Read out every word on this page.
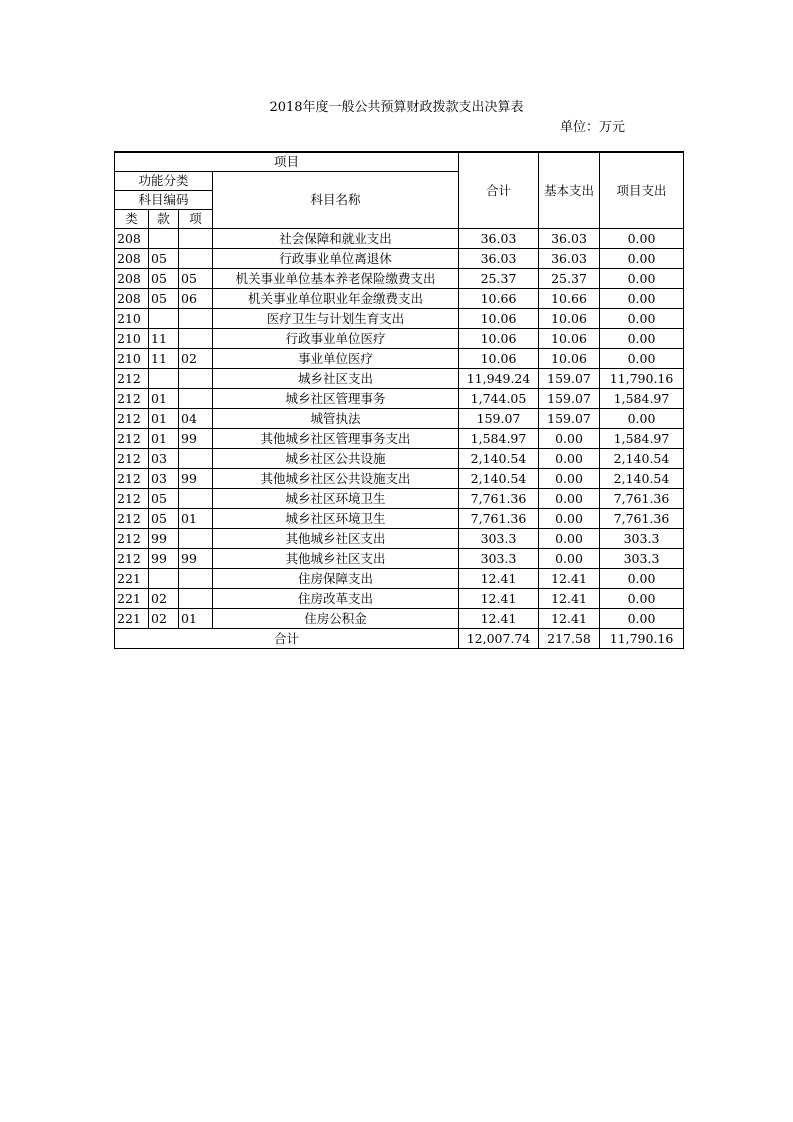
2018年度一般公共预算财政拨款支出决算表
单位：万元
项目				合计	基本支出	项目支出
功能分类			科目名称			
科目编码						
类	款	项				
208			社会保障和就业支出	36.03	36.03	0.00
208	05		行政事业单位离退休	36.03	36.03	0.00
208	05	05	机关事业单位基本养老保险缴费支出	25.37	25.37	0.00
208	05	06	机关事业单位职业年金缴费支出	10.66	10.66	0.00
210			医疗卫生与计划生育支出	10.06	10.06	0.00
210	11		行政事业单位医疗	10.06	10.06	0.00
210	11	02	事业单位医疗	10.06	10.06	0.00
212			城乡社区支出	11,949.24	159.07	11,790.16
212	01		城乡社区管理事务	1,744.05	159.07	1,584.97
212	01	04	城管执法	159.07	159.07	0.00
212	01	99	其他城乡社区管理事务支出	1,584.97	0.00	1,584.97
212	03		城乡社区公共设施	2,140.54	0.00	2,140.54
212	03	99	其他城乡社区公共设施支出	2,140.54	0.00	2,140.54
212	05		城乡社区环境卫生	7,761.36	0.00	7,761.36
212	05	01	城乡社区环境卫生	7,761.36	0.00	7,761.36
212	99		其他城乡社区支出	303.3	0.00	303.3
212	99	99	其他城乡社区支出	303.3	0.00	303.3
221			住房保障支出	12.41	12.41	0.00
221	02		住房改革支出	12.41	12.41	0.00
221	02	01	住房公积金	12.41	12.41	0.00
合计				12,007.74	217.58	11,790.16
